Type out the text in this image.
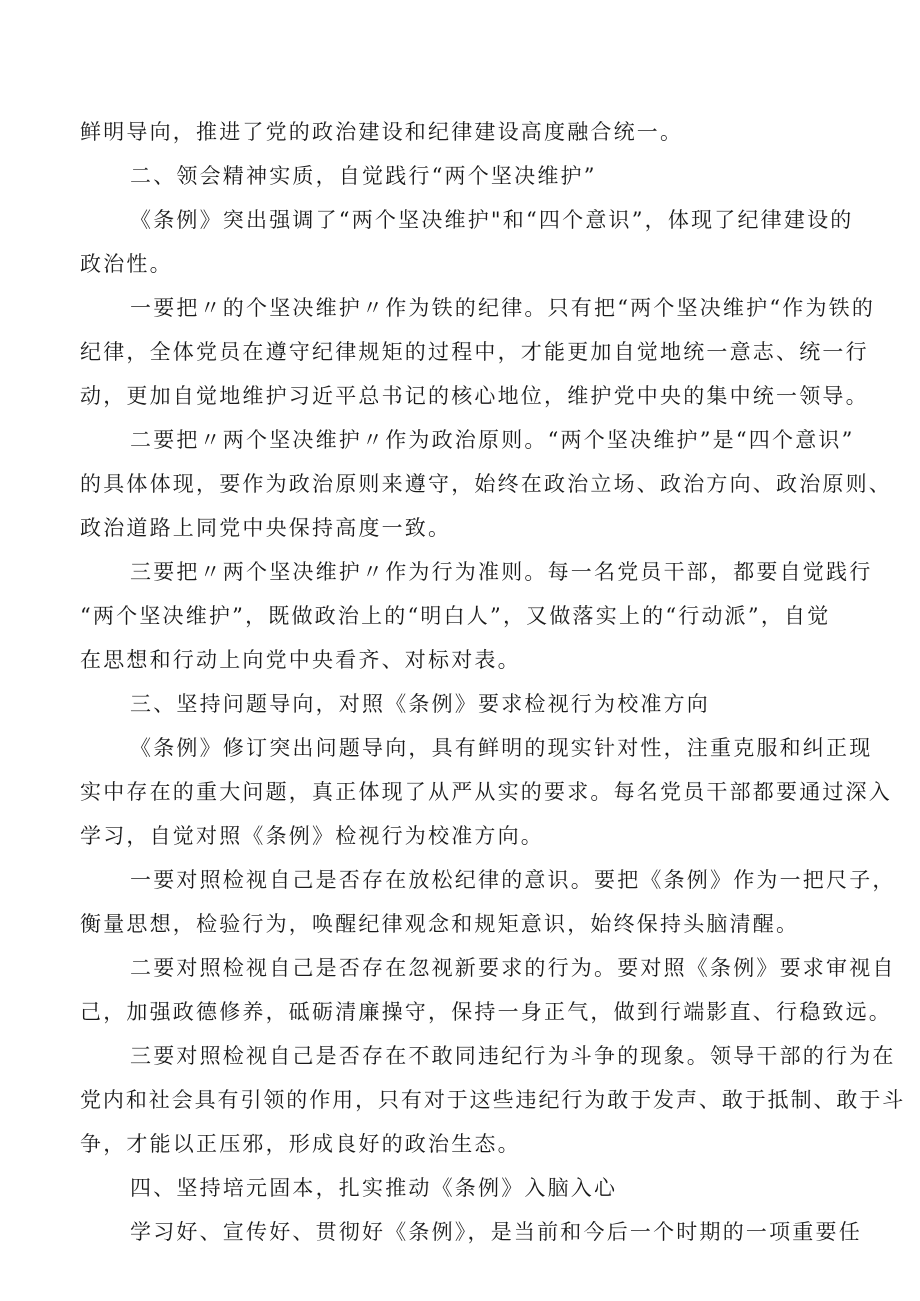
鲜明导向，推进了党的政治建设和纪律建设高度融合统一。
二、领会精神实质，自觉践行“两个坚决维护”
《条例》突出强调了“两个坚决维护"和“四个意识”，体现了纪律建设的
政治性。
一要把〃的个坚决维护〃作为铁的纪律。只有把“两个坚决维护“作为铁的
纪律，全体党员在遵守纪律规矩的过程中，才能更加自觉地统一意志、统一行
动，更加自觉地维护习近平总书记的核心地位，维护党中央的集中统一领导。
二要把〃两个坚决维护〃作为政治原则。“两个坚决维护”是“四个意识”
的具体体现，要作为政治原则来遵守，始终在政治立场、政治方向、政治原则、
政治道路上同党中央保持高度一致。
三要把〃两个坚决维护〃作为行为准则。每一名党员干部，都要自觉践行
“两个坚决维护”，既做政治上的“明白人”，又做落实上的“行动派”，自觉
在思想和行动上向党中央看齐、对标对表。
三、坚持问题导向，对照《条例》要求检视行为校准方向
《条例》修订突出问题导向，具有鲜明的现实针对性，注重克服和纠正现
实中存在的重大问题，真正体现了从严从实的要求。每名党员干部都要通过深入
学习，自觉对照《条例》检视行为校准方向。
一要对照检视自己是否存在放松纪律的意识。要把《条例》作为一把尺子，
衡量思想，检验行为，唤醒纪律观念和规矩意识，始终保持头脑清醒。
二要对照检视自己是否存在忽视新要求的行为。要对照《条例》要求审视自
己，加强政德修养，砥砺清廉操守，保持一身正气，做到行端影直、行稳致远。
三要对照检视自己是否存在不敢同违纪行为斗争的现象。领导干部的行为在
党内和社会具有引领的作用，只有对于这些违纪行为敢于发声、敢于抵制、敢于斗
争，才能以正压邪，形成良好的政治生态。
四、坚持培元固本，扎实推动《条例》入脑入心
学习好、宣传好、贯彻好《条例》，是当前和今后一个时期的一项重要任
